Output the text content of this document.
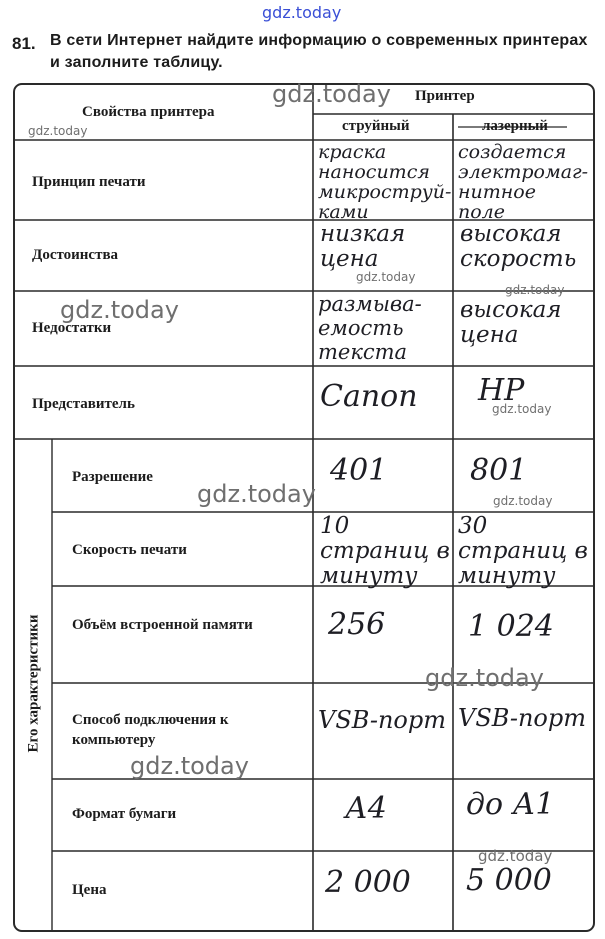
gdz.today
81. В сети Интернет найдите информацию о современных принтерах и заполните таблицу.
Свойства принтера
Принтер
струйный	лазерный
Его характеристики
Принцип печати
Достоинства
Недостатки
Представитель
Разрешение
Скорость печати
Объём встроенной памяти
Способ подключения к компьютеру
Формат бумаги
Цена
краска наносится микроструй-ками
низкая цена
размыва-емость текста
Canon
401
10 страниц в минуту
256
VSB-порт
А4
2 000
создается электромаг-нитное поле
высокая скорость
высокая цена
HP
801
30 страниц в минуту
1 024
VSB-порт
до А1
5 000
gdz.today
gdz.today
gdz.today
gdz.today
gdz.today
gdz.today
gdz.today	gdz.today
gdz.today
gdz.today
gdz.today
